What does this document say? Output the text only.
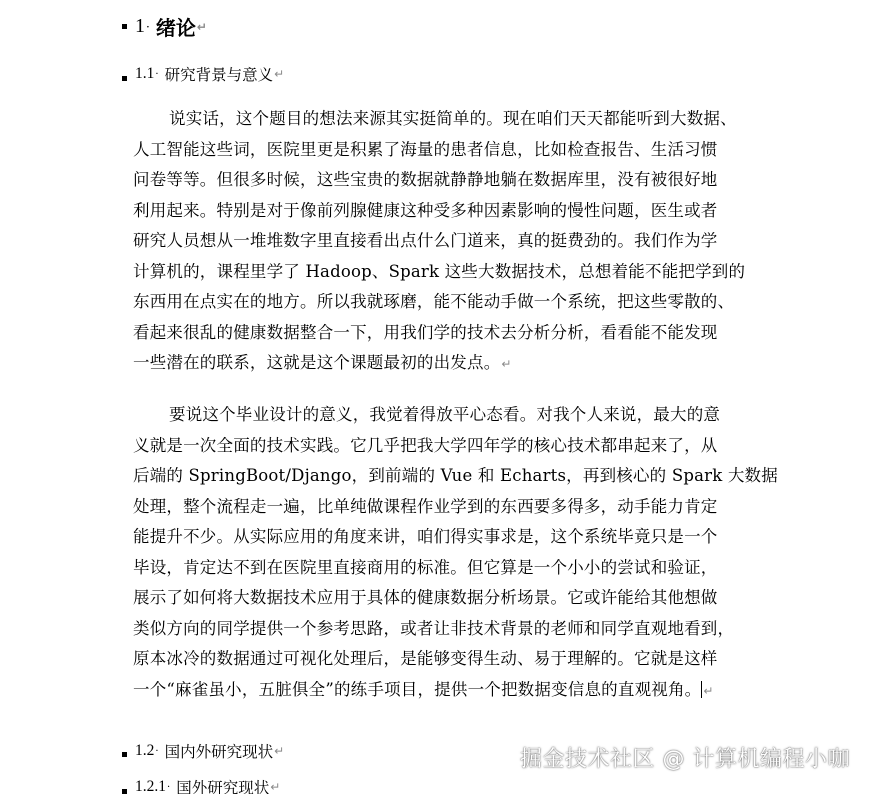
1 · 绪论 ↵
1.1 · 研究背景与意义 ↵
说实话，这个题目的想法来源其实挺简单的。现在咱们天天都能听到大数据、
人工智能这些词，医院里更是积累了海量的患者信息，比如检查报告、生活习惯
问卷等等。但很多时候，这些宝贵的数据就静静地躺在数据库里，没有被很好地
利用起来。特别是对于像前列腺健康这种受多种因素影响的慢性问题，医生或者
研究人员想从一堆堆数字里直接看出点什么门道来，真的挺费劲的。我们作为学
计算机的，课程里学了 Hadoop、Spark 这些大数据技术，总想着能不能把学到的
东西用在点实在的地方。所以我就琢磨，能不能动手做一个系统，把这些零散的、
看起来很乱的健康数据整合一下，用我们学的技术去分析分析，看看能不能发现
一些潜在的联系，这就是这个课题最初的出发点。↵
要说这个毕业设计的意义，我觉着得放平心态看。对我个人来说，最大的意
义就是一次全面的技术实践。它几乎把我大学四年学的核心技术都串起来了，从
后端的 SpringBoot/Django，到前端的 Vue 和 Echarts，再到核心的 Spark 大数据
处理，整个流程走一遍，比单纯做课程作业学到的东西要多得多，动手能力肯定
能提升不少。从实际应用的角度来讲，咱们得实事求是，这个系统毕竟只是一个
毕设，肯定达不到在医院里直接商用的标准。但它算是一个小小的尝试和验证，
展示了如何将大数据技术应用于具体的健康数据分析场景。它或许能给其他想做
类似方向的同学提供一个参考思路，或者让非技术背景的老师和同学直观地看到，
原本冰冷的数据通过可视化处理后，是能够变得生动、易于理解的。它就是这样
一个“麻雀虽小，五脏俱全”的练手项目，提供一个把数据变信息的直观视角。 ↵
1.2 · 国内外研究现状 ↵
1.2.1 · 国外研究现状 ↵
掘金技术社区 @ 计算机编程小咖
